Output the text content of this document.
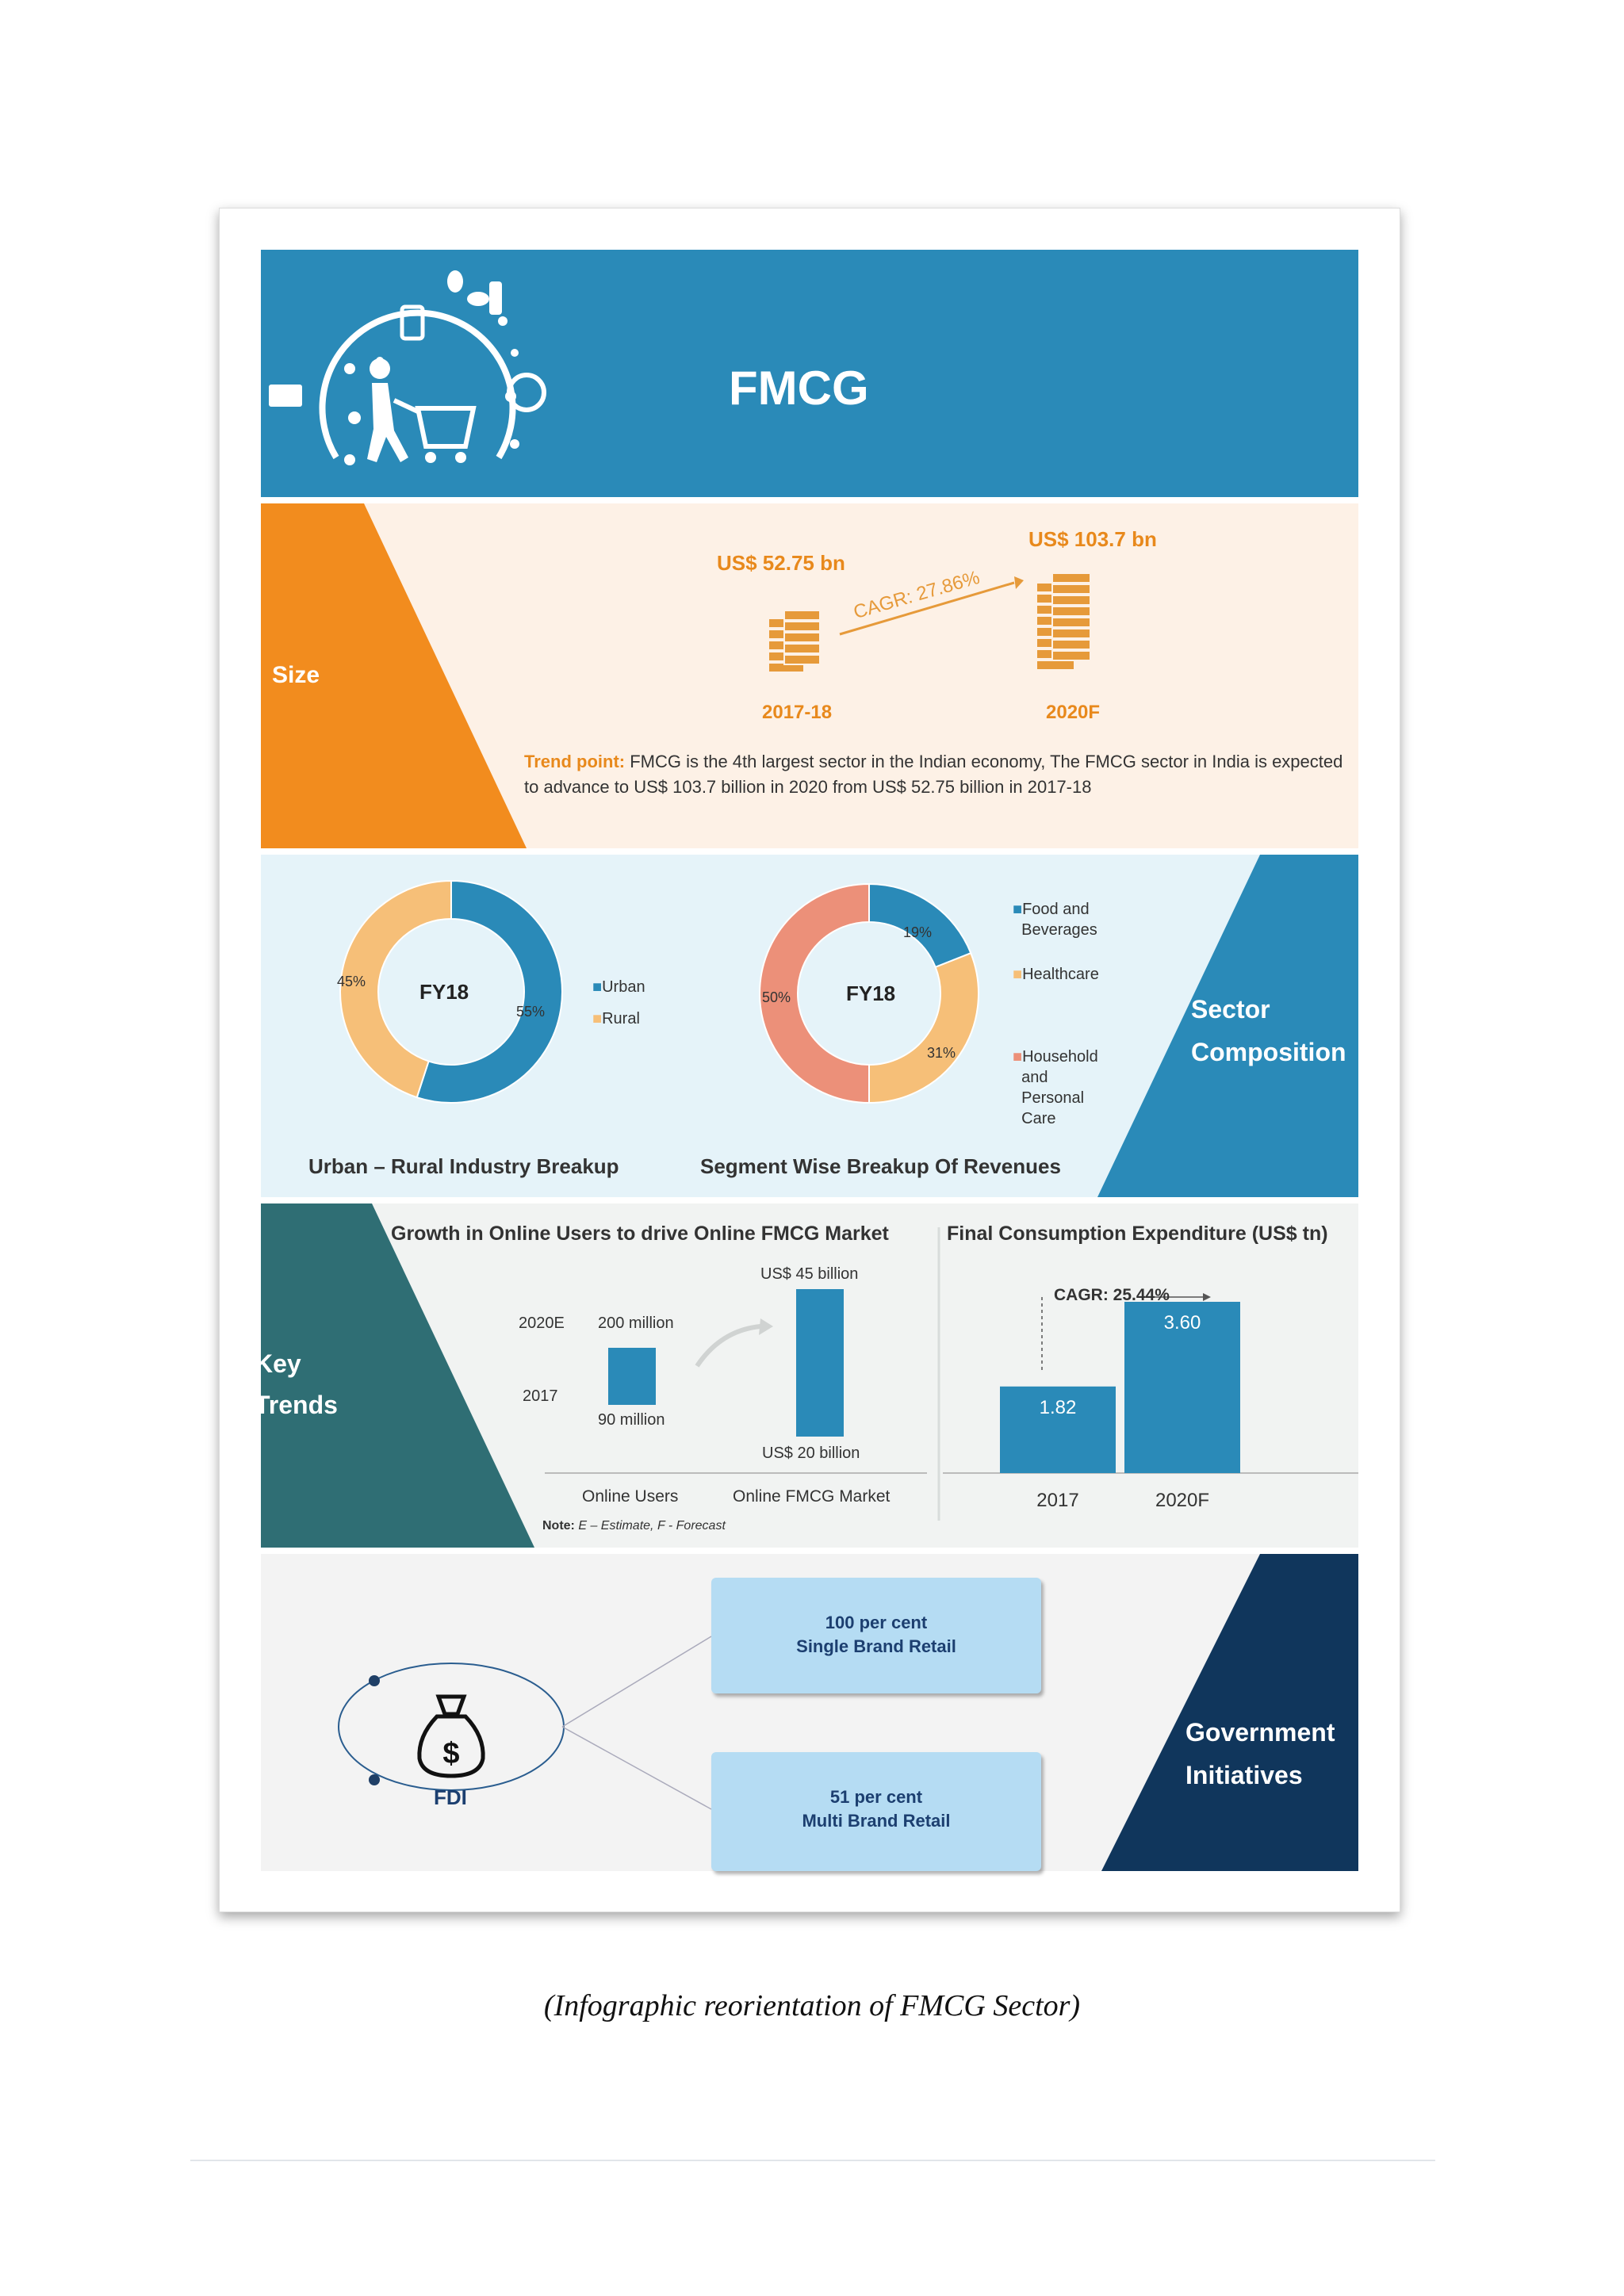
FMCG
Size
US$ 52.75 bn
US$ 103.7 bn
CAGR: 27.86%
2017-18	2020F
Trend point: FMCG is the 4th largest sector in the Indian economy, The FMCG sector in India is expected to advance to US$ 103.7 billion in 2020 from US$ 52.75 billion in 2017-18
FY18	FY18
45%
55%
19%
31%
50%
■Urban
■Rural
■Food and
Beverages
■Healthcare
■Household
and
Personal
Care
Urban – Rural Industry Breakup	Segment Wise Breakup Of Revenues
Sector
Composition
1.82
2017
3.60
2020F
Key
Trends
Growth in Online Users to drive Online FMCG Market
2020E
2017
200 million
90 million
US$ 45 billion
US$ 20 billion
Online Users	Online FMCG Market
Note: E – Estimate, F - Forecast
Final Consumption Expenditure (US$ tn)
CAGR: 25.44%
$
FDI
100 per cent
Single Brand Retail
51 per cent
Multi Brand Retail
Government
Initiatives
(Infographic reorientation of FMCG Sector)
